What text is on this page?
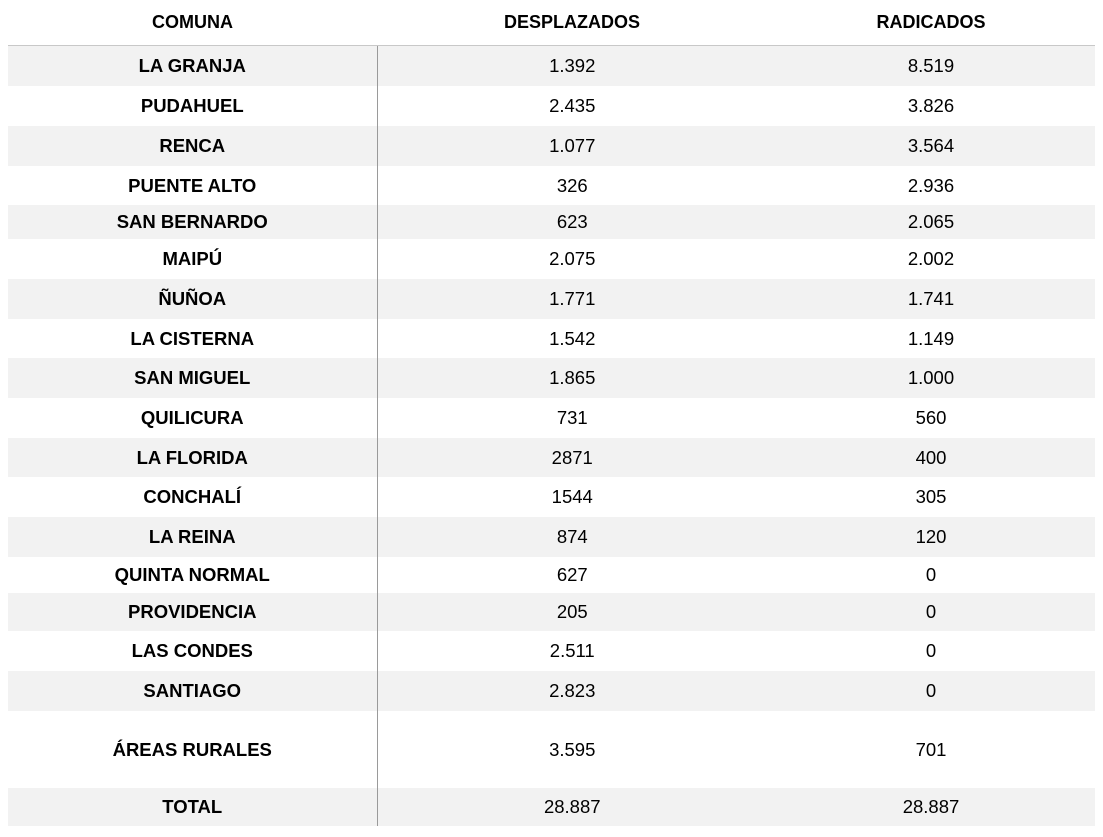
COMUNA	DESPLAZADOS	RADICADOS
LA GRANJA	1.392	8.519
PUDAHUEL	2.435	3.826
RENCA	1.077	3.564
PUENTE ALTO	326	2.936
SAN BERNARDO	623	2.065
MAIPÚ	2.075	2.002
ÑUÑOA	1.771	1.741
LA CISTERNA	1.542	1.149
SAN MIGUEL	1.865	1.000
QUILICURA	731	560
LA FLORIDA	2871	400
CONCHALÍ	1544	305
LA REINA	874	120
QUINTA NORMAL	627	0
PROVIDENCIA	205	0
LAS CONDES	2.511	0
SANTIAGO	2.823	0
ÁREAS RURALES	3.595	701
TOTAL	28.887	28.887
